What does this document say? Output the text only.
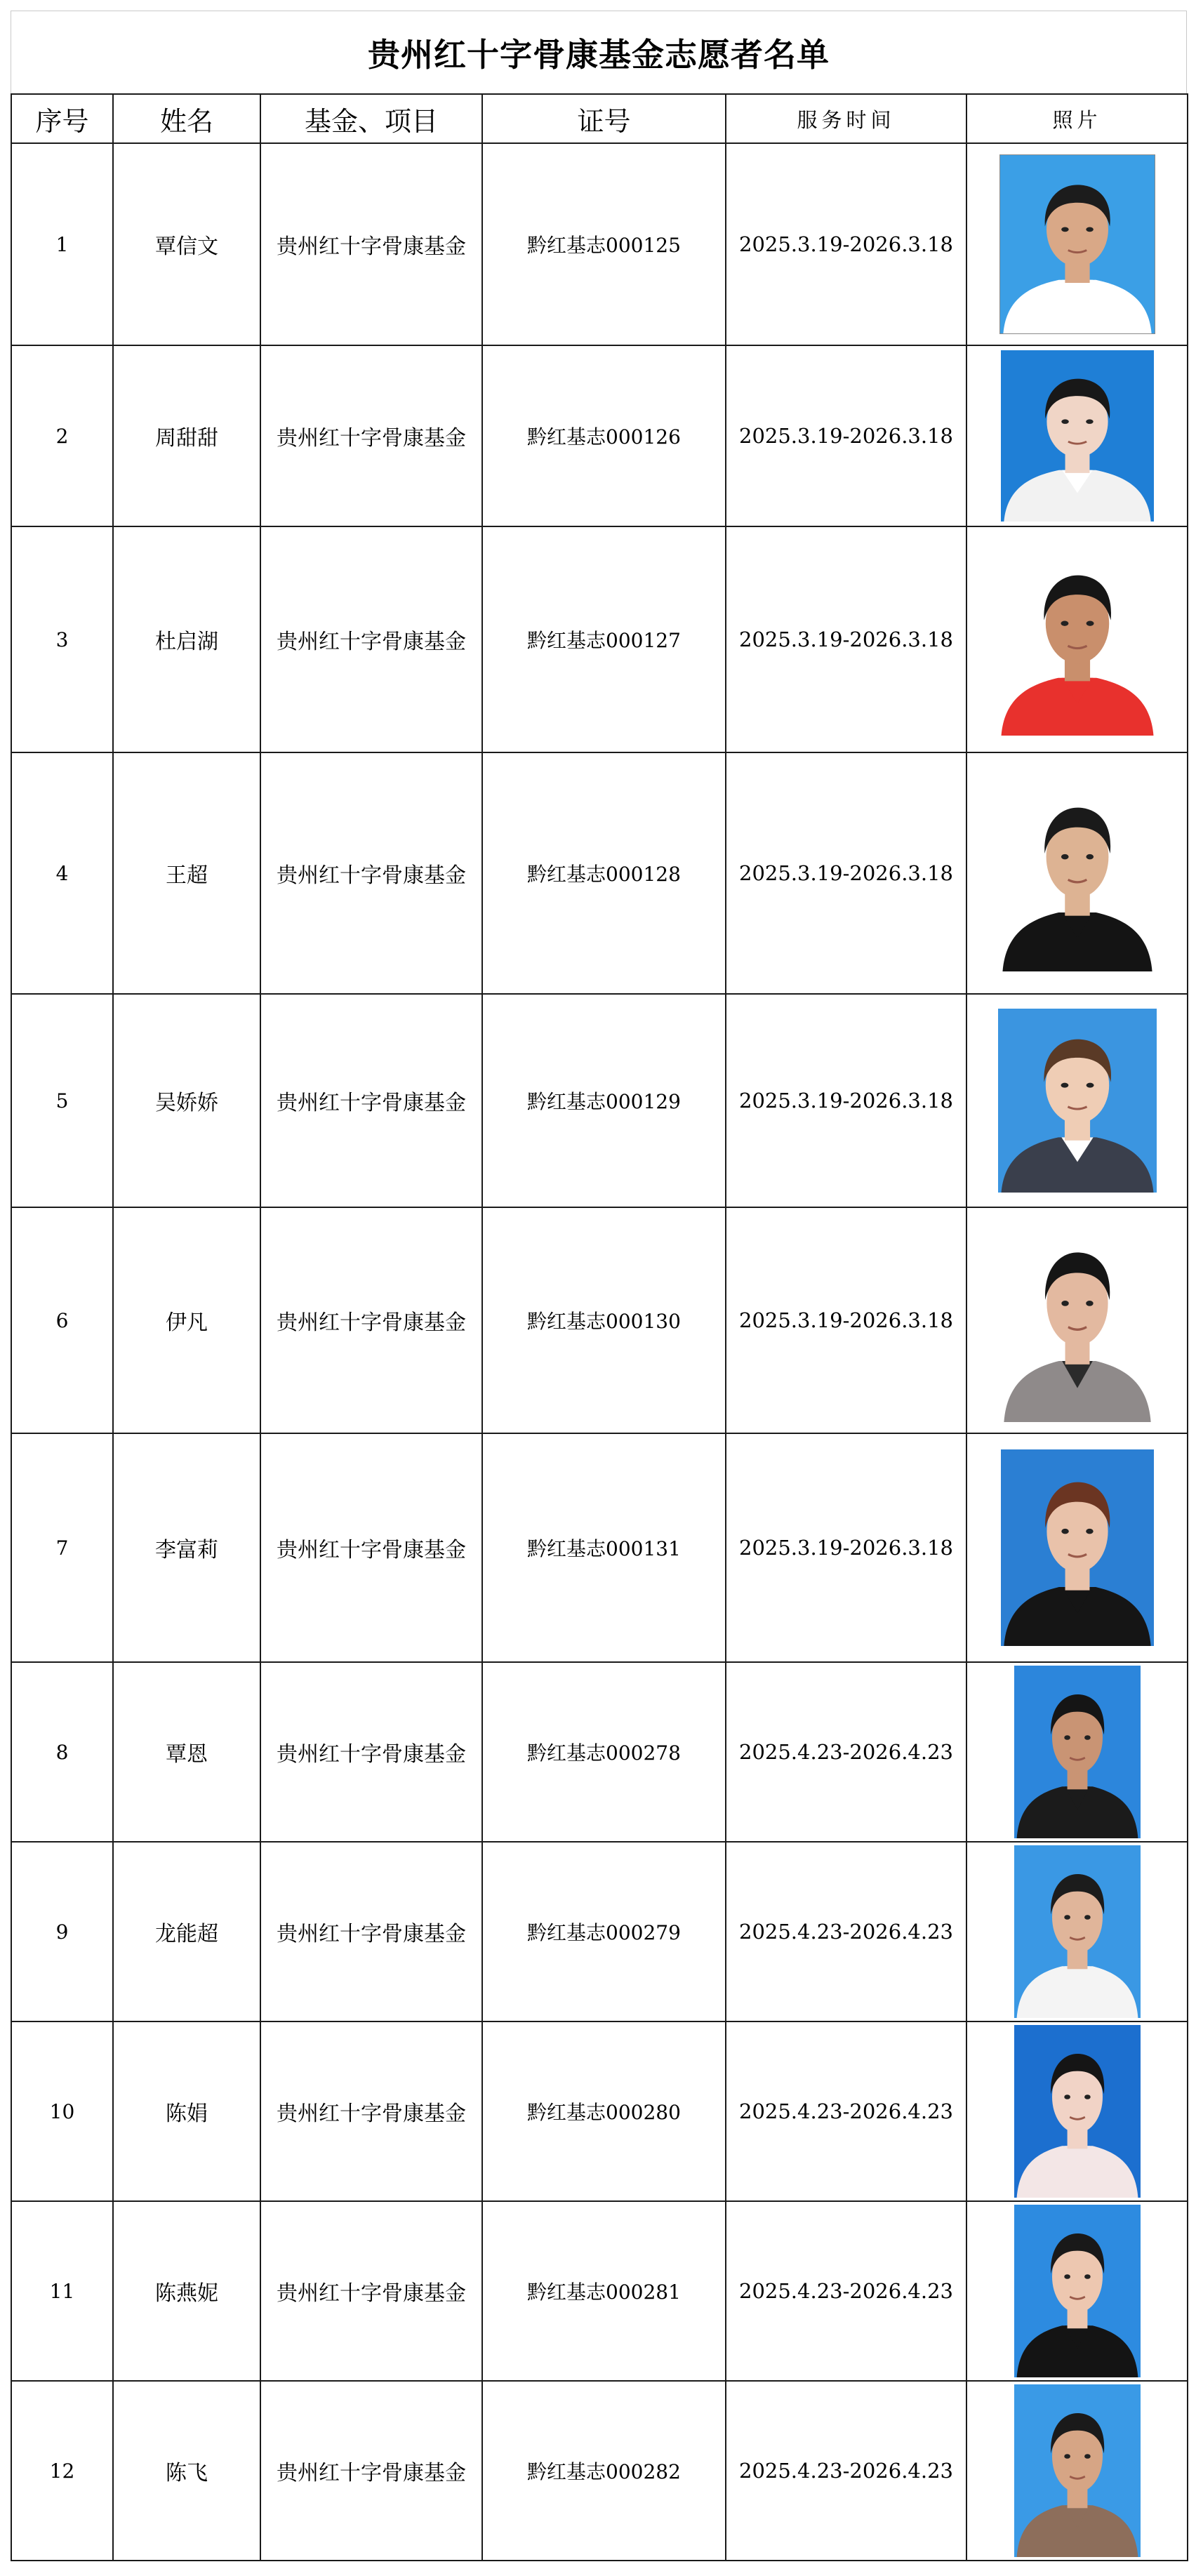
贵州红十字骨康基金志愿者名单
序号	姓名	基金、项目	证号	服务时间	照片
1	覃信文	贵州红十字骨康基金	黔红基志000125	2025.3.19-2026.3.18	

2	周甜甜	贵州红十字骨康基金	黔红基志000126	2025.3.19-2026.3.18	

3	杜启湖	贵州红十字骨康基金	黔红基志000127	2025.3.19-2026.3.18	

4	王超	贵州红十字骨康基金	黔红基志000128	2025.3.19-2026.3.18	

5	吴娇娇	贵州红十字骨康基金	黔红基志000129	2025.3.19-2026.3.18	

6	伊凡	贵州红十字骨康基金	黔红基志000130	2025.3.19-2026.3.18	

7	李富莉	贵州红十字骨康基金	黔红基志000131	2025.3.19-2026.3.18	

8	覃恩	贵州红十字骨康基金	黔红基志000278	2025.4.23-2026.4.23	

9	龙能超	贵州红十字骨康基金	黔红基志000279	2025.4.23-2026.4.23	

10	陈娟	贵州红十字骨康基金	黔红基志000280	2025.4.23-2026.4.23	

11	陈燕妮	贵州红十字骨康基金	黔红基志000281	2025.4.23-2026.4.23	

12	陈飞	贵州红十字骨康基金	黔红基志000282	2025.4.23-2026.4.23	
